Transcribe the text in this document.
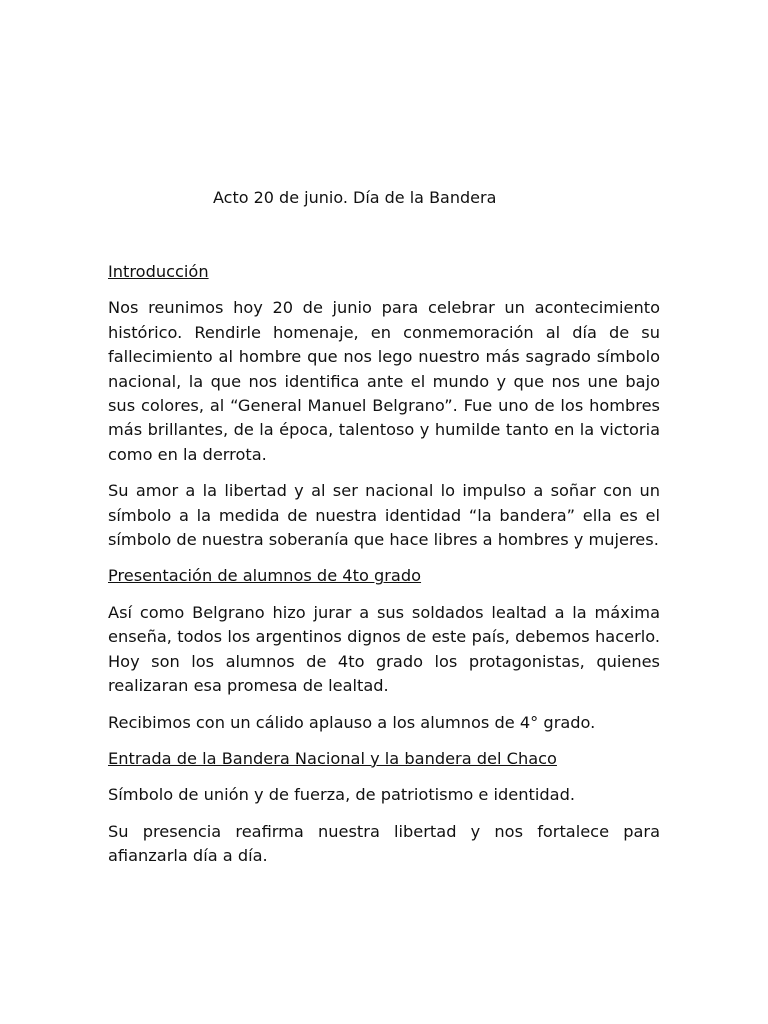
Acto 20 de junio. Día de la Bandera

Introducción

Nos reunimos hoy 20 de junio para celebrar un acontecimiento histórico. Rendirle homenaje, en conmemoración al día de su fallecimiento al hombre que nos lego nuestro más sagrado símbolo nacional, la que nos identifica ante el mundo y que nos une bajo sus colores, al “General Manuel Belgrano”. Fue uno de los hombres más brillantes, de la época, talentoso y humilde tanto en la victoria como en la derrota.

Su amor a la libertad y al ser nacional lo impulso a soñar con un símbolo a la medida de nuestra identidad “la bandera” ella es el símbolo de nuestra soberanía que hace libres a hombres y mujeres.

Presentación de alumnos de 4to grado

Así como Belgrano hizo jurar a sus soldados lealtad a la máxima enseña, todos los argentinos dignos de este país, debemos hacerlo. Hoy son los alumnos de 4to grado los protagonistas, quienes realizaran esa promesa de lealtad.

Recibimos con un cálido aplauso a los alumnos de 4° grado.

Entrada de la Bandera Nacional y la bandera del Chaco

Símbolo de unión y de fuerza, de patriotismo e identidad.

Su presencia reafirma nuestra libertad y nos fortalece para afianzarla día a día.
